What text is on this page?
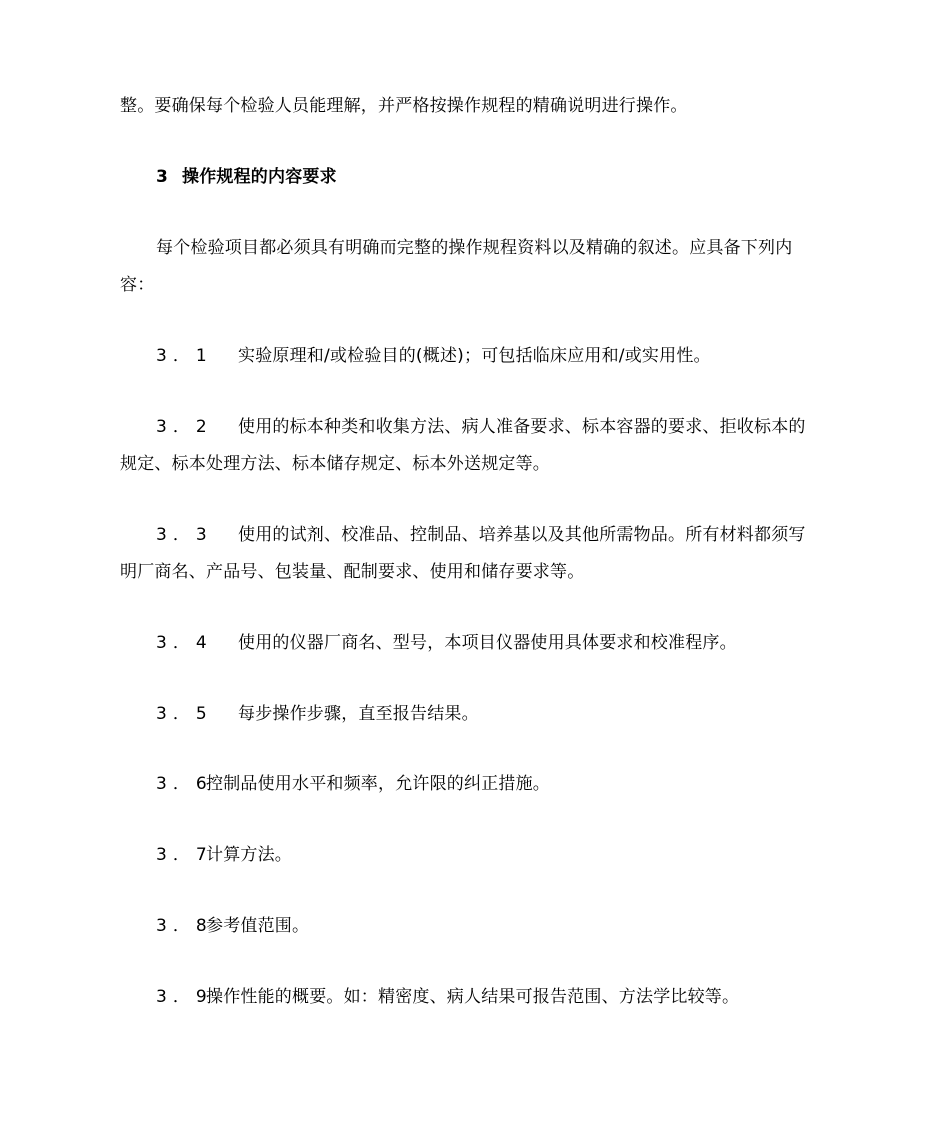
整。要确保每个检验人员能理解，并严格按操作规程的精确说明进行操作。
3 操作规程的内容要求
每个检验项目都必须具有明确而完整的操作规程资料以及精确的叙述。应具备下列内
容：
3．1 实验原理和/或检验目的(概述)；可包括临床应用和/或实用性。
3．2 使用的标本种类和收集方法、病人准备要求、标本容器的要求、拒收标本的
规定、标本处理方法、标本储存规定、标本外送规定等。
3．3 使用的试剂、校准品、控制品、培养基以及其他所需物品。所有材料都须写
明厂商名、产品号、包装量、配制要求、使用和储存要求等。
3．4 使用的仪器厂商名、型号，本项目仪器使用具体要求和校准程序。
3．5 每步操作步骤，直至报告结果。
3．6控制品使用水平和频率，允许限的纠正措施。
3．7计算方法。
3．8参考值范围。
3．9操作性能的概要。如：精密度、病人结果可报告范围、方法学比较等。
